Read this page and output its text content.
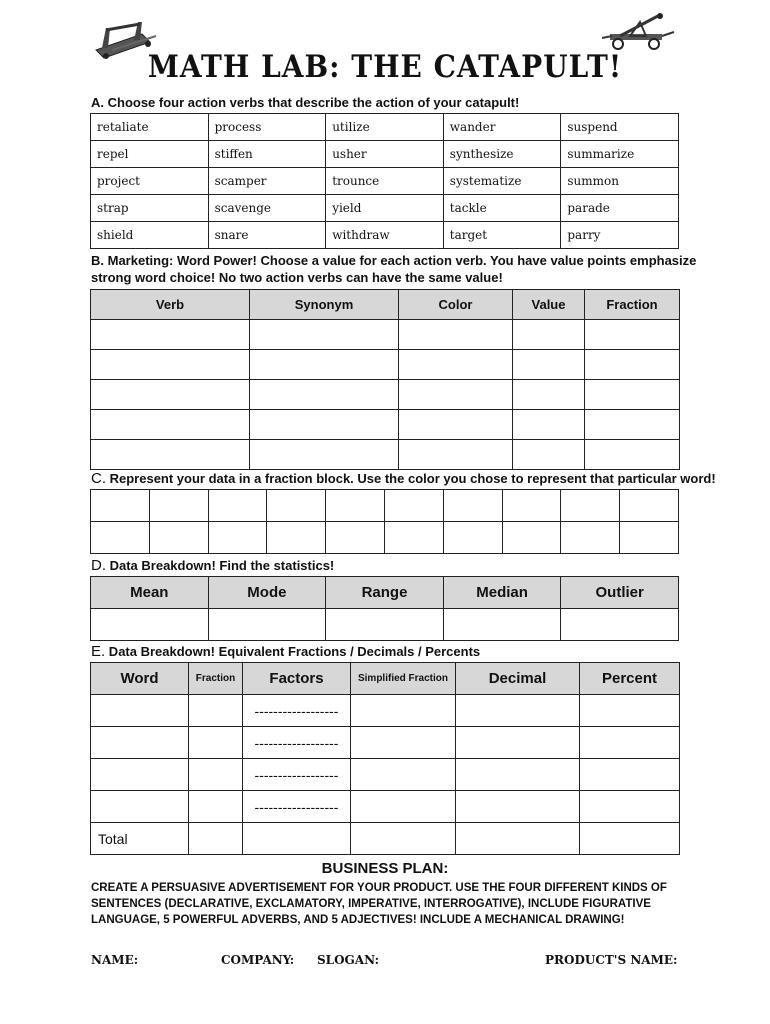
MATH LAB: THE CATAPULT!
A. Choose four action verbs that describe the action of your catapult!
retaliate	process	utilize	wander	suspend
repel	stiffen	usher	synthesize	summarize
project	scamper	trounce	systematize	summon
strap	scavenge	yield	tackle	parade
shield	snare	withdraw	target	parry
B. Marketing: Word Power! Choose a value for each action verb. You have value points emphasize
strong word choice! No two action verbs can have the same value!
Verb	Synonym	Color	Value	Fraction

C. Represent your data in a fraction block. Use the color you chose to represent that particular word!

D. Data Breakdown! Find the statistics!
Mean	Mode	Range	Median	Outlier

E. Data Breakdown! Equivalent Fractions / Decimals / Percents
Word	Fraction	Factors	Simplified Fraction	Decimal	Percent
		------------------			
		------------------			
		------------------			
		------------------			
Total					
BUSINESS PLAN:
CREATE A PERSUASIVE ADVERTISEMENT FOR YOUR PRODUCT. USE THE FOUR DIFFERENT KINDS OF
SENTENCES (DECLARATIVE, EXCLAMATORY, IMPERATIVE, INTERROGATIVE), INCLUDE FIGURATIVE
LANGUAGE, 5 POWERFUL ADVERBS, AND 5 ADJECTIVES! INCLUDE A MECHANICAL DRAWING!
NAME:	COMPANY: SLOGAN:	PRODUCT'S NAME:
